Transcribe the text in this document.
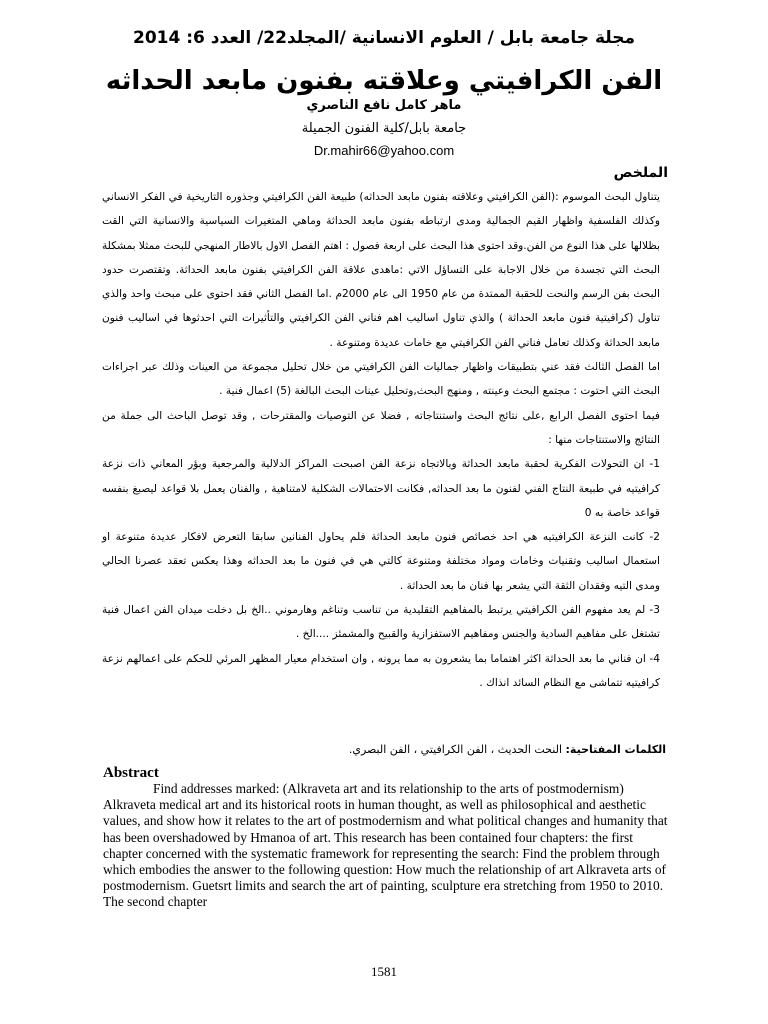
مجلة جامعة بابل / العلوم الانسانية /المجلد22/ العدد 6: 2014
الفن الكرافيتي وعلاقته بفنون مابعد الحداثه
ماهر كامل نافع الناصري
جامعة بابل/كلية الفنون الجميلة
Dr.mahir66@yahoo.com
الملخص

يتناول البحث الموسوم :(الفن الكرافيتي وعلاقته بفنون مابعد الحداثه) طبيعة الفن الكرافيتي وجذوره التاريخية في الفكر الانساني وكذلك الفلسفية واظهار القيم الجمالية ومدى ارتباطه بفنون مابعد الحداثة وماهي المتغيرات السياسية والانسانية التي القت بظلالها على هذا النوع من الفن.وقد احتوى هذا البحث على اربعة فصول : اهتم الفصل الاول بالاطار المنهجي للبحث ممثلا بمشكلة البحث التي تجسدة من خلال الاجابة على التساؤل الاتي :ماهدى علاقة الفن الكرافيتي بفنون مابعد الحداثة. وتقتصرت حدود البحث بفن الرسم والنحت للحقبة الممتدة من عام 1950 الى عام 2000م .اما الفصل الثاني فقد احتوى على مبحث واحد والذي تناول (كرافيتية فنون مابعد الحداثة ) والذي تناول اساليب اهم فناني الفن الكرافيتي والتأثيرات التي احدثوها في اساليب فنون مابعد الحداثة وكذلك تعامل فناني الفن الكرافيتي مع خامات عديدة ومتنوعة .

اما الفصل الثالث فقد عني بتطبيقات واظهار جماليات الفن الكرافيتي من خلال تحليل مجموعة من العينات وذلك عبر اجراءات البحث التي احتوت : مجتمع البحث وعينته , ومنهج البحث,وتحليل عينات البحث البالغة (5) اعمال فنية .

فيما احتوى الفصل الرابع ,على نتائج البحث واستنتاجاته , فضلا عن التوصيات والمقترحات , وقد توصل الباحث الى جملة من النتائج والاستنتاجات منها :

1- ان التحولات الفكرية لحقبة مابعد الحداثة وبالاتجاه نزعة الفن اصبحت المراكز الدلالية والمرجعية وبؤر المعاني ذات نزعة كرافيتيه في طبيعة النتاج الفني لفنون ما بعد الحداثه, فكانت الاحتمالات الشكلية لامتناهية , والفنان يعمل بلا قواعد ليصبغ بنفسه قواعد خاصة به 0

2- كانت النزعة الكرافيتيه هي احد خصائص فنون مابعد الحداثة فلم يحاول الفنانين سابقا التعرض لافكار عديدة متنوعة او استعمال اساليب وتقنيات وخامات ومواد مختلفة ومتنوعة كالتي هي في فنون ما بعد الحداثه وهذا يعكس تعقد عصرنا الحالي ومدى التيه وفقدان الثقة التي يشعر بها فنان ما بعد الحداثة .

3- لم يعد مفهوم الفن الكرافيتي يرتبط بالمفاهيم التقليدية من تناسب وتناغم وهارموني ..الخ بل دخلت ميدان الفن اعمال فنية تشتغل على مفاهيم السادية والجنس ومفاهيم الاستفزازية والقبيح والمشمئز ....الخ .

4- ان فناني ما بعد الحداثة اكثر اهتماما بما يشعرون به مما يرونه , وان استخدام معيار المظهر المرئي للحكم على اعمالهم نزعة كرافيتيه تتماشى مع النظام السائد انذاك .

الكلمات المفتاحية: النحت الحديث ، الفن الكرافيتي ، الفن البصري.
Abstract
Find addresses marked: (Alkraveta art and its relationship to the arts of postmodernism) Alkraveta medical art and its historical roots in human thought, as well as philosophical and aesthetic values, and show how it relates to the art of postmodernism and what political changes and humanity that has been overshadowed by Hmanoa of art. This research has been contained four chapters: the first chapter concerned with the systematic framework for representing the search: Find the problem through which embodies the answer to the following question: How much the relationship of art Alkraveta arts of postmodernism. Guetsrt limits and search the art of painting, sculpture era stretching from 1950 to 2010. The second chapter
1581
